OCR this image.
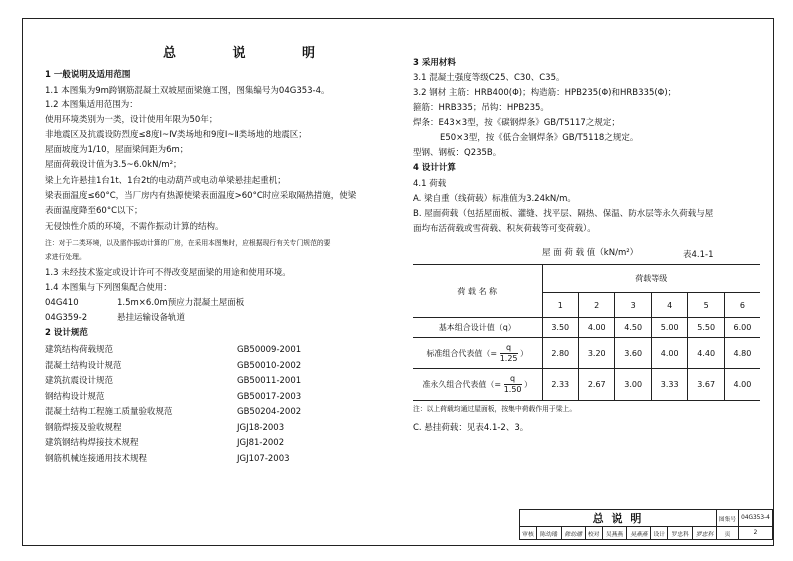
总 说 明
1 一般说明及适用范围
1.1 本图集为9m跨钢筋混凝土双坡屋面梁施工图，图集编号为04G353-4。
1.2 本图集适用范围为：
使用环境类别为一类，设计使用年限为50年；
非地震区及抗震设防烈度≤8度Ⅰ~Ⅳ类场地和9度Ⅰ~Ⅱ类场地的地震区；
屋面坡度为1/10，屋面梁间距为6m；
屋面荷载设计值为3.5~6.0kN/m²；
梁上允许悬挂1台1t、1台2t的电动葫芦或电动单梁悬挂起重机；
梁表面温度≤60°C，当厂房内有热源使梁表面温度>60°C时应采取隔热措施，使梁
表面温度降至60°C以下；
无侵蚀性介质的环境，不需作振动计算的结构。
注：对于二类环境，以及需作振动计算的厂房，在采用本图集时，应根据现行有关专门规范的要
求进行处理。
1.3 未经技术鉴定或设计许可不得改变屋面梁的用途和使用环境。
1.4 本图集与下列图集配合使用：
04G410	1.5m×6.0m预应力混凝土屋面板
04G359-2	悬挂运输设备轨道
2 设计规范
建筑结构荷载规范	GB50009-2001
混凝土结构设计规范	GB50010-2002
建筑抗震设计规范	GB50011-2001
钢结构设计规范	GB50017-2003
混凝土结构工程施工质量验收规范	GB50204-2002
钢筋焊接及验收规程	JGJ18-2003
建筑钢结构焊接技术规程	JGJ81-2002
钢筋机械连接通用技术规程	JGJ107-2003
3 采用材料
3.1 混凝土强度等级C25、C30、C35。
3.2 钢材 主筋：HRB400(Φ)；构造筋：HPB235(Φ)和HRB335(Φ)；
箍筋：HRB335；吊钩：HPB235。
焊条：E43×3型，按《碳钢焊条》GB/T5117之规定；
E50×3型，按《低合金钢焊条》GB/T5118之规定。
型钢、钢板：Q235B。
4 设计计算
4.1 荷载
A. 梁自重（线荷载）标准值为3.24kN/m。
B. 屋面荷载（包括屋面板、灌缝、找平层、隔热、保温、防水层等永久荷载与屋
面均布活荷载或雪荷载、积灰荷载等可变荷载）。
屋 面 荷 载 值（kN/m²）	表4.1-1

荷 载 名 称	荷载等级					
	1	2	3	4	5	6
基本组合设计值（q）	3.50	4.00	4.50	5.00	5.50	6.00
标准组合代表值（= $\frac{q}{1.25}$ ）	2.80	3.20	3.60	4.00	4.40	4.80
准永久组合代表值（= $\frac{q}{1.50}$ ）	2.33	2.67	3.00	3.33	3.67	4.00
注：以上荷载均通过屋面板，按集中荷载作用于梁上。
C. 悬挂荷载：见表4.1-2、3。
总 说 明									图集号	04G353-4
审核	陈幼璠	陈幼璠	校对	吴燕燕	吴燕燕	设计	罗忠科	罗忠科	页	2
